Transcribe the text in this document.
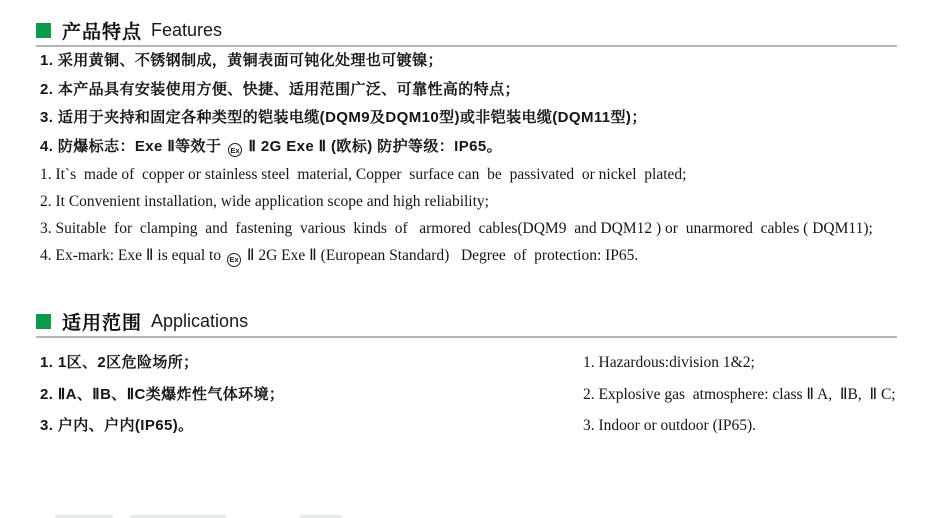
产品特点 Features
1. 采用黄铜、不锈钢制成，黄铜表面可钝化处理也可镀镍；
2. 本产品具有安装使用方便、快捷、适用范围广泛、可靠性高的特点；
3. 适用于夹持和固定各种类型的铠装电缆(DQM9及DQM10型)或非铠装电缆(DQM11型)；
4. 防爆标志：Exe Ⅱ等效于 Ex Ⅱ 2G Exe Ⅱ (欧标) 防护等级：IP65。
1. It`s  made of  copper or stainless steel  material, Copper  surface can  be  passivated  or nickel  plated;
2. It Convenient installation, wide application scope and high reliability;
3. Suitable  for  clamping  and  fastening  various  kinds  of   armored  cables(DQM9  and DQM12 ) or  unarmored  cables ( DQM11);
4. Ex-mark: Exe Ⅱ is equal to Ex Ⅱ 2G Exe Ⅱ (European Standard)   Degree  of  protection: IP65.
适用范围 Applications
1. 1区、2区危险场所；
2. ⅡA、ⅡB、ⅡC类爆炸性气体环境；
3. 户内、户内(IP65)。
1. Hazardous:division 1&2;
2. Explosive gas  atmosphere: class Ⅱ A,  ⅡB,  Ⅱ C;
3. Indoor or outdoor (IP65).
